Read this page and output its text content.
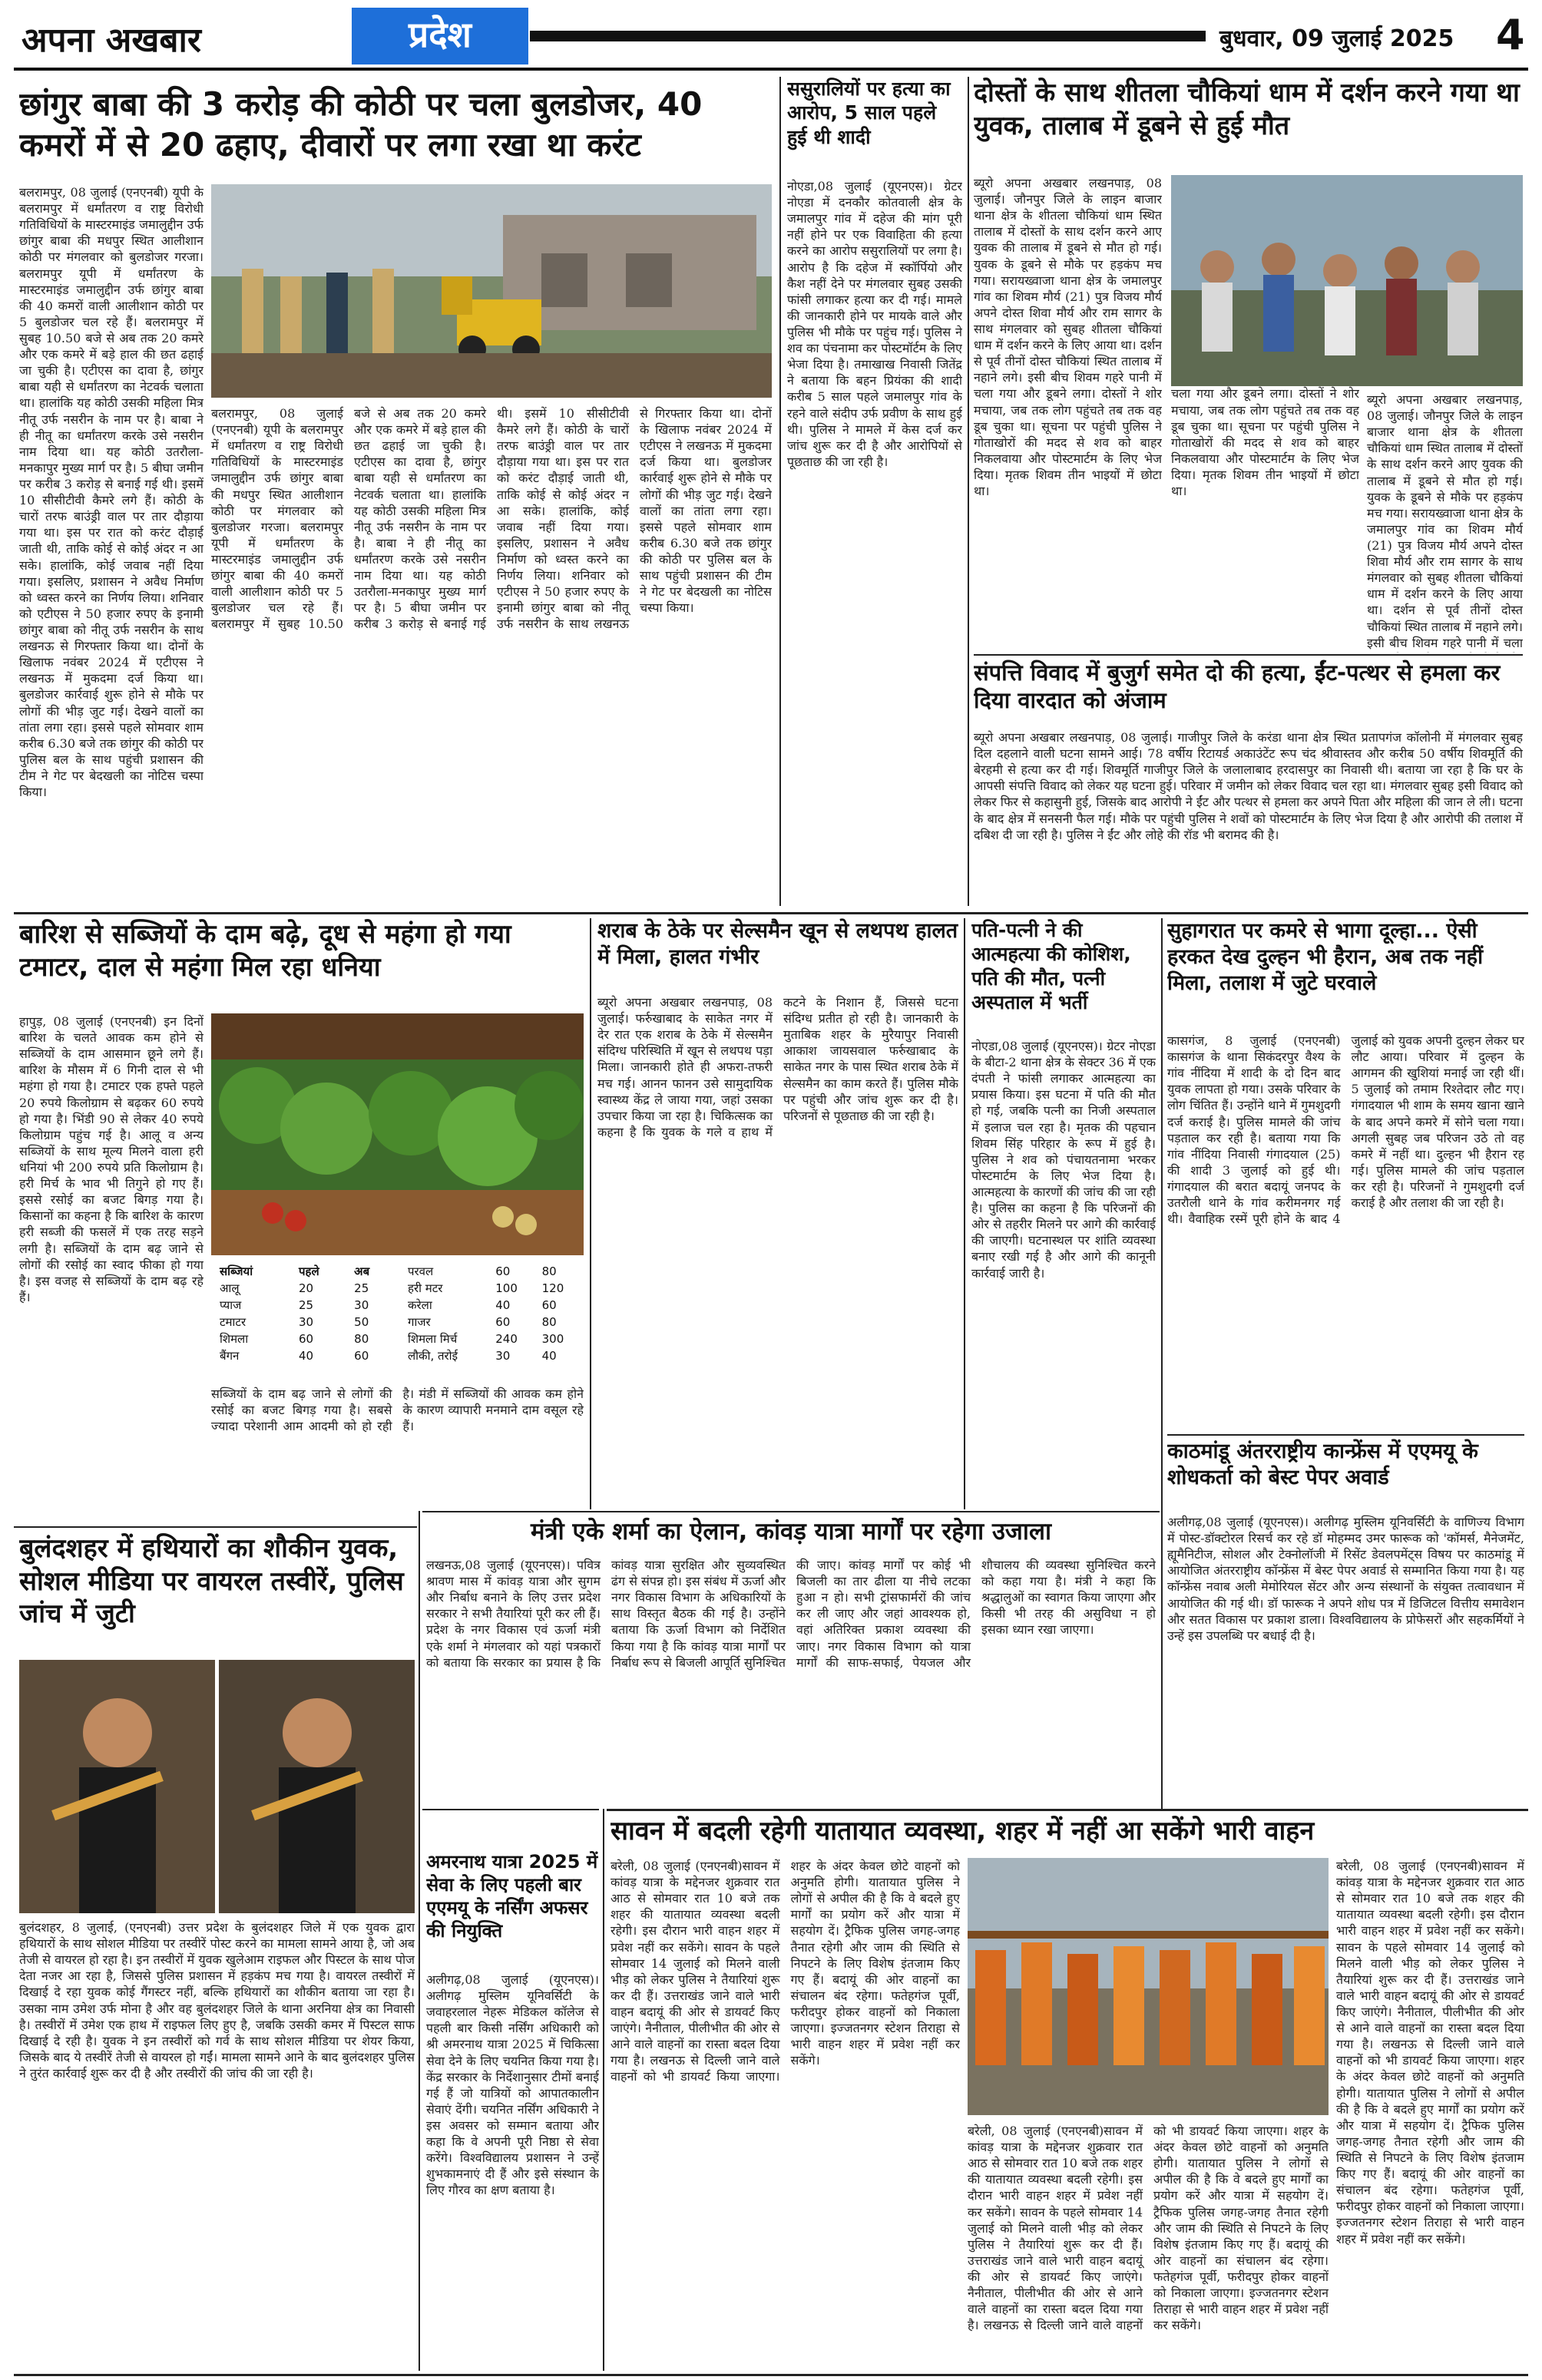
अपना अखबार	प्रदेश	बुधवार, 09 जुलाई 2025 4
छांगुर बाबा की 3 करोड़ की कोठी पर चला बुलडोजर, 40 कमरों में से 20 ढहाए, दीवारों पर लगा रखा था करंट
बलरामपुर, 08 जुलाई (एनएनबी) यूपी के बलरामपुर में धर्मांतरण व राष्ट्र विरोधी गतिविधियों के मास्टरमाइंड जमालुद्दीन उर्फ छांगुर बाबा की मधपुर स्थित आलीशान कोठी पर मंगलवार को बुलडोजर गरजा। बलरामपुर यूपी में धर्मांतरण के मास्टरमाइंड जमालुद्दीन उर्फ छांगुर बाबा की 40 कमरों वाली आलीशान कोठी पर 5 बुलडोजर चल रहे हैं। बलरामपुर में सुबह 10.50 बजे से अब तक 20 कमरे और एक कमरे में बड़े हाल की छत ढहाई जा चुकी है। एटीएस का दावा है, छांगुर बाबा यही से धर्मांतरण का नेटवर्क चलाता था। हालांकि यह कोठी उसकी महिला मित्र नीतू उर्फ नसरीन के नाम पर है। बाबा ने ही नीतू का धर्मांतरण करके उसे नसरीन नाम दिया था। यह कोठी उतरौला-मनकापुर मुख्य मार्ग पर है। 5 बीघा जमीन पर करीब 3 करोड़ से बनाई गई थी। इसमें 10 सीसीटीवी कैमरे लगे हैं। कोठी के चारों तरफ बाउंड्री वाल पर तार दौड़ाया गया था। इस पर रात को करंट दौड़ाई जाती थी, ताकि कोई से कोई अंदर न आ सके। हालांकि, कोई जवाब नहीं दिया गया। इसलिए, प्रशासन ने अवैध निर्माण को ध्वस्त करने का निर्णय लिया। शनिवार को एटीएस ने 50 हजार रुपए के इनामी छांगुर बाबा को नीतू उर्फ नसरीन के साथ लखनऊ से गिरफ्तार किया था। दोनों के खिलाफ नवंबर 2024 में एटीएस ने लखनऊ में मुकदमा दर्ज किया था। बुलडोजर कार्रवाई शुरू होने से मौके पर लोगों की भीड़ जुट गई। देखने वालों का तांता लगा रहा। इससे पहले सोमवार शाम करीब 6.30 बजे तक छांगुर की कोठी पर पुलिस बल के साथ पहुंची प्रशासन की टीम ने गेट पर बेदखली का नोटिस चस्पा किया।
बलरामपुर, 08 जुलाई (एनएनबी) यूपी के बलरामपुर में धर्मांतरण व राष्ट्र विरोधी गतिविधियों के मास्टरमाइंड जमालुद्दीन उर्फ छांगुर बाबा की मधपुर स्थित आलीशान कोठी पर मंगलवार को बुलडोजर गरजा। बलरामपुर यूपी में धर्मांतरण के मास्टरमाइंड जमालुद्दीन उर्फ छांगुर बाबा की 40 कमरों वाली आलीशान कोठी पर 5 बुलडोजर चल रहे हैं। बलरामपुर में सुबह 10.50 बजे से अब तक 20 कमरे और एक कमरे में बड़े हाल की छत ढहाई जा चुकी है। एटीएस का दावा है, छांगुर बाबा यही से धर्मांतरण का नेटवर्क चलाता था। हालांकि यह कोठी उसकी महिला मित्र नीतू उर्फ नसरीन के नाम पर है। बाबा ने ही नीतू का धर्मांतरण करके उसे नसरीन नाम दिया था। यह कोठी उतरौला-मनकापुर मुख्य मार्ग पर है। 5 बीघा जमीन पर करीब 3 करोड़ से बनाई गई थी। इसमें 10 सीसीटीवी कैमरे लगे हैं। कोठी के चारों तरफ बाउंड्री वाल पर तार दौड़ाया गया था। इस पर रात को करंट दौड़ाई जाती थी, ताकि कोई से कोई अंदर न आ सके। हालांकि, कोई जवाब नहीं दिया गया। इसलिए, प्रशासन ने अवैध निर्माण को ध्वस्त करने का निर्णय लिया। शनिवार को एटीएस ने 50 हजार रुपए के इनामी छांगुर बाबा को नीतू उर्फ नसरीन के साथ लखनऊ से गिरफ्तार किया था। दोनों के खिलाफ नवंबर 2024 में एटीएस ने लखनऊ में मुकदमा दर्ज किया था। बुलडोजर कार्रवाई शुरू होने से मौके पर लोगों की भीड़ जुट गई। देखने वालों का तांता लगा रहा। इससे पहले सोमवार शाम करीब 6.30 बजे तक छांगुर की कोठी पर पुलिस बल के साथ पहुंची प्रशासन की टीम ने गेट पर बेदखली का नोटिस चस्पा किया।
ससुरालियों पर हत्या का आरोप, 5 साल पहले हुई थी शादी
नोएडा,08 जुलाई (यूएनएस)। ग्रेटर नोएडा में दनकौर कोतवाली क्षेत्र के जमालपुर गांव में दहेज की मांग पूरी नहीं होने पर एक विवाहिता की हत्या करने का आरोप ससुरालियों पर लगा है। आरोप है कि दहेज में स्कॉर्पियो और कैश नहीं देने पर मंगलवार सुबह उसकी फांसी लगाकर हत्या कर दी गई। मामले की जानकारी होने पर मायके वाले और पुलिस भी मौके पर पहुंच गई। पुलिस ने शव का पंचनामा कर पोस्टमॉर्टम के लिए भेजा दिया है। तमाखाख निवासी जितेंद्र ने बताया कि बहन प्रियंका की शादी करीब 5 साल पहले जमालपुर गांव के रहने वाले संदीप उर्फ प्रवीण के साथ हुई थी। पुलिस ने मामले में केस दर्ज कर जांच शुरू कर दी है और आरोपियों से पूछताछ की जा रही है।
दोस्तों के साथ शीतला चौकियां धाम में दर्शन करने गया था युवक, तालाब में डूबने से हुई मौत
ब्यूरो अपना अखबार लखनपाड़, 08 जुलाई। जौनपुर जिले के लाइन बाजार थाना क्षेत्र के शीतला चौकियां धाम स्थित तालाब में दोस्तों के साथ दर्शन करने आए युवक की तालाब में डूबने से मौत हो गई। युवक के डूबने से मौके पर हड़कंप मच गया। सरायख्वाजा थाना क्षेत्र के जमालपुर गांव का शिवम मौर्य (21) पुत्र विजय मौर्य अपने दोस्त शिवा मौर्य और राम सागर के साथ मंगलवार को सुबह शीतला चौकियां धाम में दर्शन करने के लिए आया था। दर्शन से पूर्व तीनों दोस्त चौकियां स्थित तालाब में नहाने लगे। इसी बीच शिवम गहरे पानी में चला गया और डूबने लगा। दोस्तों ने शोर मचाया, जब तक लोग पहुंचते तब तक वह डूब चुका था। सूचना पर पहुंची पुलिस ने गोताखोरों की मदद से शव को बाहर निकलवाया और पोस्टमार्टम के लिए भेज दिया। मृतक शिवम तीन भाइयों में छोटा था।
चला गया और डूबने लगा। दोस्तों ने शोर मचाया, जब तक लोग पहुंचते तब तक वह डूब चुका था। सूचना पर पहुंची पुलिस ने गोताखोरों की मदद से शव को बाहर निकलवाया और पोस्टमार्टम के लिए भेज दिया। मृतक शिवम तीन भाइयों में छोटा था।
ब्यूरो अपना अखबार लखनपाड़, 08 जुलाई। जौनपुर जिले के लाइन बाजार थाना क्षेत्र के शीतला चौकियां धाम स्थित तालाब में दोस्तों के साथ दर्शन करने आए युवक की तालाब में डूबने से मौत हो गई। युवक के डूबने से मौके पर हड़कंप मच गया। सरायख्वाजा थाना क्षेत्र के जमालपुर गांव का शिवम मौर्य (21) पुत्र विजय मौर्य अपने दोस्त शिवा मौर्य और राम सागर के साथ मंगलवार को सुबह शीतला चौकियां धाम में दर्शन करने के लिए आया था। दर्शन से पूर्व तीनों दोस्त चौकियां स्थित तालाब में नहाने लगे। इसी बीच शिवम गहरे पानी में चला
संपत्ति विवाद में बुजुर्ग समेत दो की हत्या, ईंट-पत्थर से हमला कर दिया वारदात को अंजाम
ब्यूरो अपना अखबार लखनपाड़, 08 जुलाई। गाजीपुर जिले के करंडा थाना क्षेत्र स्थित प्रतापगंज कॉलोनी में मंगलवार सुबह दिल दहलाने वाली घटना सामने आई। 78 वर्षीय रिटायर्ड अकाउंटेंट रूप चंद श्रीवास्तव और करीब 50 वर्षीय शिवमूर्ति की बेरहमी से हत्या कर दी गई। शिवमूर्ति गाजीपुर जिले के जलालाबाद हरदासपुर का निवासी थी। बताया जा रहा है कि घर के आपसी संपत्ति विवाद को लेकर यह घटना हुई। परिवार में जमीन को लेकर विवाद चल रहा था। मंगलवार सुबह इसी विवाद को लेकर फिर से कहासुनी हुई, जिसके बाद आरोपी ने ईंट और पत्थर से हमला कर अपने पिता और महिला की जान ले ली। घटना के बाद क्षेत्र में सनसनी फैल गई। मौके पर पहुंची पुलिस ने शवों को पोस्टमार्टम के लिए भेज दिया है और आरोपी की तलाश में दबिश दी जा रही है। पुलिस ने ईंट और लोहे की रॉड भी बरामद की है।
बारिश से सब्जियों के दाम बढ़े, दूध से महंगा हो गया टमाटर, दाल से महंगा मिल रहा धनिया
हापुड़, 08 जुलाई (एनएनबी) इन दिनों बारिश के चलते आवक कम होने से सब्जियों के दाम आसमान छूने लगे हैं। बारिश के मौसम में 6 गिनी दाल से भी महंगा हो गया है। टमाटर एक हफ्ते पहले 20 रुपये किलोग्राम से बढ़कर 60 रुपये हो गया है। भिंडी 90 से लेकर 40 रुपये किलोग्राम पहुंच गई है। आलू व अन्य सब्जियों के साथ मूल्य मिलने वाला हरी धनियां भी 200 रुपये प्रति किलोग्राम है। हरी मिर्च के भाव भी तिगुने हो गए हैं। इससे रसोई का बजट बिगड़ गया है। किसानों का कहना है कि बारिश के कारण हरी सब्जी की फसलें में एक तरह सड़ने लगी है। सब्जियों के दाम बढ़ जाने से लोगों की रसोई का स्वाद फीका हो गया है। इस वजह से सब्जियों के दाम बढ़ रहे हैं।
सब्जियां	पहले	अब
आलू	20	25
प्याज	25	30
टमाटर	30	50
शिमला	60	80
बैंगन	40	60
परवल	60	80
हरी मटर	100	120
करेला	40	60
गाजर	60	80
शिमला मिर्च	240	300
लौकी, तरोई	30	40
सब्जियों के दाम बढ़ जाने से लोगों की रसोई का बजट बिगड़ गया है। सबसे ज्यादा परेशानी आम आदमी को हो रही है। मंडी में सब्जियों की आवक कम होने के कारण व्यापारी मनमाने दाम वसूल रहे हैं।
शराब के ठेके पर सेल्समैन खून से लथपथ हालत में मिला, हालत गंभीर
ब्यूरो अपना अखबार लखनपाड़, 08 जुलाई। फर्रुखाबाद के साकेत नगर में देर रात एक शराब के ठेके में सेल्समैन संदिग्ध परिस्थिति में खून से लथपथ पड़ा मिला। जानकारी होते ही अफरा-तफरी मच गई। आनन फानन उसे सामुदायिक स्वास्थ्य केंद्र ले जाया गया, जहां उसका उपचार किया जा रहा है। चिकित्सक का कहना है कि युवक के गले व हाथ में कटने के निशान हैं, जिससे घटना संदिग्ध प्रतीत हो रही है। जानकारी के मुताबिक शहर के मुरैयापुर निवासी आकाश जायसवाल फर्रुखाबाद के साकेत नगर के पास स्थित शराब ठेके में सेल्समैन का काम करते हैं। पुलिस मौके पर पहुंची और जांच शुरू कर दी है। परिजनों से पूछताछ की जा रही है।
पति-पत्नी ने की आत्महत्या की कोशिश, पति की मौत, पत्नी अस्पताल में भर्ती
नोएडा,08 जुलाई (यूएनएस)। ग्रेटर नोएडा के बीटा-2 थाना क्षेत्र के सेक्टर 36 में एक दंपती ने फांसी लगाकर आत्महत्या का प्रयास किया। इस घटना में पति की मौत हो गई, जबकि पत्नी का निजी अस्पताल में इलाज चल रहा है। मृतक की पहचान शिवम सिंह परिहार के रूप में हुई है। पुलिस ने शव को पंचायतनामा भरकर पोस्टमार्टम के लिए भेज दिया है। आत्महत्या के कारणों की जांच की जा रही है। पुलिस का कहना है कि परिजनों की ओर से तहरीर मिलने पर आगे की कार्रवाई की जाएगी। घटनास्थल पर शांति व्यवस्था बनाए रखी गई है और आगे की कानूनी कार्रवाई जारी है।
सुहागरात पर कमरे से भागा दूल्हा... ऐसी हरकत देख दुल्हन भी हैरान, अब तक नहीं मिला, तलाश में जुटे घरवाले
कासगंज, 8 जुलाई (एनएनबी) कासगंज के थाना सिकंदरपुर वैश्य के गांव नींदिया में शादी के दो दिन बाद युवक लापता हो गया। उसके परिवार के लोग चिंतित हैं। उन्होंने थाने में गुमशुदगी दर्ज कराई है। पुलिस मामले की जांच पड़ताल कर रही है। बताया गया कि गांव नींदिया निवासी गंगादयाल (25) की शादी 3 जुलाई को हुई थी। गंगादयाल की बरात बदायूं जनपद के उतरौली थाने के गांव करीमनगर गई थी। वैवाहिक रस्में पूरी होने के बाद 4 जुलाई को युवक अपनी दुल्हन लेकर घर लौट आया। परिवार में दुल्हन के आगमन की खुशियां मनाई जा रही थीं। 5 जुलाई को तमाम रिश्तेदार लौट गए। गंगादयाल भी शाम के समय खाना खाने के बाद अपने कमरे में सोने चला गया। अगली सुबह जब परिजन उठे तो वह कमरे में नहीं था। दुल्हन भी हैरान रह गई। पुलिस मामले की जांच पड़ताल कर रही है। परिजनों ने गुमशुदगी दर्ज कराई है और तलाश की जा रही है।
काठमांडू अंतरराष्ट्रीय कान्फ्रेंस में एएमयू के शोधकर्ता को बेस्ट पेपर अवार्ड
अलीगढ़,08 जुलाई (यूएनएस)। अलीगढ़ मुस्लिम यूनिवर्सिटी के वाणिज्य विभाग में पोस्ट-डॉक्टोरल रिसर्च कर रहे डॉ मोहम्मद उमर फारूक को 'कॉमर्स, मैनेजमेंट, ह्यूमैनिटीज, सोशल और टेक्नोलॉजी में रिसेंट डेवलपमेंट्स विषय पर काठमांडू में आयोजित अंतरराष्ट्रीय कॉन्फ्रेंस में बेस्ट पेपर अवार्ड से सम्मानित किया गया है। यह कॉन्फ्रेंस नवाब अली मेमोरियल सेंटर और अन्य संस्थानों के संयुक्त तत्वावधान में आयोजित की गई थी। डॉ फारूक ने अपने शोध पत्र में डिजिटल वित्तीय समावेशन और सतत विकास पर प्रकाश डाला। विश्वविद्यालय के प्रोफेसरों और सहकर्मियों ने उन्हें इस उपलब्धि पर बधाई दी है।
मंत्री एके शर्मा का ऐलान, कांवड़ यात्रा मार्गों पर रहेगा उजाला
लखनऊ,08 जुलाई (यूएनएस)। पवित्र श्रावण मास में कांवड़ यात्रा और सुगम और निर्बाध बनाने के लिए उत्तर प्रदेश सरकार ने सभी तैयारियां पूरी कर ली हैं। प्रदेश के नगर विकास एवं ऊर्जा मंत्री एके शर्मा ने मंगलवार को यहां पत्रकारों को बताया कि सरकार का प्रयास है कि कांवड़ यात्रा सुरक्षित और सुव्यवस्थित ढंग से संपन्न हो। इस संबंध में ऊर्जा और नगर विकास विभाग के अधिकारियों के साथ विस्तृत बैठक की गई है। उन्होंने बताया कि ऊर्जा विभाग को निर्देशित किया गया है कि कांवड़ यात्रा मार्गों पर निर्बाध रूप से बिजली आपूर्ति सुनिश्चित की जाए। कांवड़ मार्गों पर कोई भी बिजली का तार ढीला या नीचे लटका हुआ न हो। सभी ट्रांसफार्मरों की जांच कर ली जाए और जहां आवश्यक हो, वहां अतिरिक्त प्रकाश व्यवस्था की जाए। नगर विकास विभाग को यात्रा मार्गों की साफ-सफाई, पेयजल और शौचालय की व्यवस्था सुनिश्चित करने को कहा गया है। मंत्री ने कहा कि श्रद्धालुओं का स्वागत किया जाएगा और किसी भी तरह की असुविधा न हो इसका ध्यान रखा जाएगा।
बुलंदशहर में हथियारों का शौकीन युवक, सोशल मीडिया पर वायरल तस्वीरें, पुलिस जांच में जुटी
बुलंदशहर, 8 जुलाई, (एनएनबी) उत्तर प्रदेश के बुलंदशहर जिले में एक युवक द्वारा हथियारों के साथ सोशल मीडिया पर तस्वीरें पोस्ट करने का मामला सामने आया है, जो अब तेजी से वायरल हो रहा है। इन तस्वीरों में युवक खुलेआम राइफल और पिस्टल के साथ पोज देता नजर आ रहा है, जिससे पुलिस प्रशासन में हड़कंप मच गया है। वायरल तस्वीरों में दिखाई दे रहा युवक कोई गैंगस्टर नहीं, बल्कि हथियारों का शौकीन बताया जा रहा है। उसका नाम उमेश उर्फ मोना है और वह बुलंदशहर जिले के थाना अरनिया क्षेत्र का निवासी है। तस्वीरों में उमेश एक हाथ में राइफल लिए हुए है, जबकि उसकी कमर में पिस्टल साफ दिखाई दे रही है। युवक ने इन तस्वीरों को गर्व के साथ सोशल मीडिया पर शेयर किया, जिसके बाद ये तस्वीरें तेजी से वायरल हो गईं। मामला सामने आने के बाद बुलंदशहर पुलिस ने तुरंत कार्रवाई शुरू कर दी है और तस्वीरों की जांच की जा रही है।
अमरनाथ यात्रा 2025 में सेवा के लिए पहली बार एएमयू के नर्सिंग अफसर की नियुक्ति
अलीगढ़,08 जुलाई (यूएनएस)। अलीगढ़ मुस्लिम यूनिवर्सिटी के जवाहरलाल नेहरू मेडिकल कॉलेज से पहली बार किसी नर्सिंग अधिकारी को श्री अमरनाथ यात्रा 2025 में चिकित्सा सेवा देने के लिए चयनित किया गया है। केंद्र सरकार के निर्देशानुसार टीमों बनाई गई हैं जो यात्रियों को आपातकालीन सेवाएं देंगी। चयनित नर्सिंग अधिकारी ने इस अवसर को सम्मान बताया और कहा कि वे अपनी पूरी निष्ठा से सेवा करेंगे। विश्वविद्यालय प्रशासन ने उन्हें शुभकामनाएं दी हैं और इसे संस्थान के लिए गौरव का क्षण बताया है।
सावन में बदली रहेगी यातायात व्यवस्था, शहर में नहीं आ सकेंगे भारी वाहन
बरेली, 08 जुलाई (एनएनबी)सावन में कांवड़ यात्रा के मद्देनजर शुक्रवार रात आठ से सोमवार रात 10 बजे तक शहर की यातायात व्यवस्था बदली रहेगी। इस दौरान भारी वाहन शहर में प्रवेश नहीं कर सकेंगे। सावन के पहले सोमवार 14 जुलाई को मिलने वाली भीड़ को लेकर पुलिस ने तैयारियां शुरू कर दी हैं। उत्तराखंड जाने वाले भारी वाहन बदायूं की ओर से डायवर्ट किए जाएंगे। नैनीताल, पीलीभीत की ओर से आने वाले वाहनों का रास्ता बदल दिया गया है। लखनऊ से दिल्ली जाने वाले वाहनों को भी डायवर्ट किया जाएगा। शहर के अंदर केवल छोटे वाहनों को अनुमति होगी। यातायात पुलिस ने लोगों से अपील की है कि वे बदले हुए मार्गों का प्रयोग करें और यात्रा में सहयोग दें। ट्रैफिक पुलिस जगह-जगह तैनात रहेगी और जाम की स्थिति से निपटने के लिए विशेष इंतजाम किए गए हैं। बदायूं की ओर वाहनों का संचालन बंद रहेगा। फतेहगंज पूर्वी, फरीदपुर होकर वाहनों को निकाला जाएगा। इज्जतनगर स्टेशन तिराहा से भारी वाहन शहर में प्रवेश नहीं कर सकेंगे।
बरेली, 08 जुलाई (एनएनबी)सावन में कांवड़ यात्रा के मद्देनजर शुक्रवार रात आठ से सोमवार रात 10 बजे तक शहर की यातायात व्यवस्था बदली रहेगी। इस दौरान भारी वाहन शहर में प्रवेश नहीं कर सकेंगे। सावन के पहले सोमवार 14 जुलाई को मिलने वाली भीड़ को लेकर पुलिस ने तैयारियां शुरू कर दी हैं। उत्तराखंड जाने वाले भारी वाहन बदायूं की ओर से डायवर्ट किए जाएंगे। नैनीताल, पीलीभीत की ओर से आने वाले वाहनों का रास्ता बदल दिया गया है। लखनऊ से दिल्ली जाने वाले वाहनों को भी डायवर्ट किया जाएगा। शहर के अंदर केवल छोटे वाहनों को अनुमति होगी। यातायात पुलिस ने लोगों से अपील की है कि वे बदले हुए मार्गों का प्रयोग करें और यात्रा में सहयोग दें। ट्रैफिक पुलिस जगह-जगह तैनात रहेगी और जाम की स्थिति से निपटने के लिए विशेष इंतजाम किए गए हैं। बदायूं की ओर वाहनों का संचालन बंद रहेगा। फतेहगंज पूर्वी, फरीदपुर होकर वाहनों को निकाला जाएगा। इज्जतनगर स्टेशन तिराहा से भारी वाहन शहर में प्रवेश नहीं कर सकेंगे।
बरेली, 08 जुलाई (एनएनबी)सावन में कांवड़ यात्रा के मद्देनजर शुक्रवार रात आठ से सोमवार रात 10 बजे तक शहर की यातायात व्यवस्था बदली रहेगी। इस दौरान भारी वाहन शहर में प्रवेश नहीं कर सकेंगे। सावन के पहले सोमवार 14 जुलाई को मिलने वाली भीड़ को लेकर पुलिस ने तैयारियां शुरू कर दी हैं। उत्तराखंड जाने वाले भारी वाहन बदायूं की ओर से डायवर्ट किए जाएंगे। नैनीताल, पीलीभीत की ओर से आने वाले वाहनों का रास्ता बदल दिया गया है। लखनऊ से दिल्ली जाने वाले वाहनों को भी डायवर्ट किया जाएगा। शहर के अंदर केवल छोटे वाहनों को अनुमति होगी। यातायात पुलिस ने लोगों से अपील की है कि वे बदले हुए मार्गों का प्रयोग करें और यात्रा में सहयोग दें। ट्रैफिक पुलिस जगह-जगह तैनात रहेगी और जाम की स्थिति से निपटने के लिए विशेष इंतजाम किए गए हैं। बदायूं की ओर वाहनों का संचालन बंद रहेगा। फतेहगंज पूर्वी, फरीदपुर होकर वाहनों को निकाला जाएगा। इज्जतनगर स्टेशन तिराहा से भारी वाहन शहर में प्रवेश नहीं कर सकेंगे।
